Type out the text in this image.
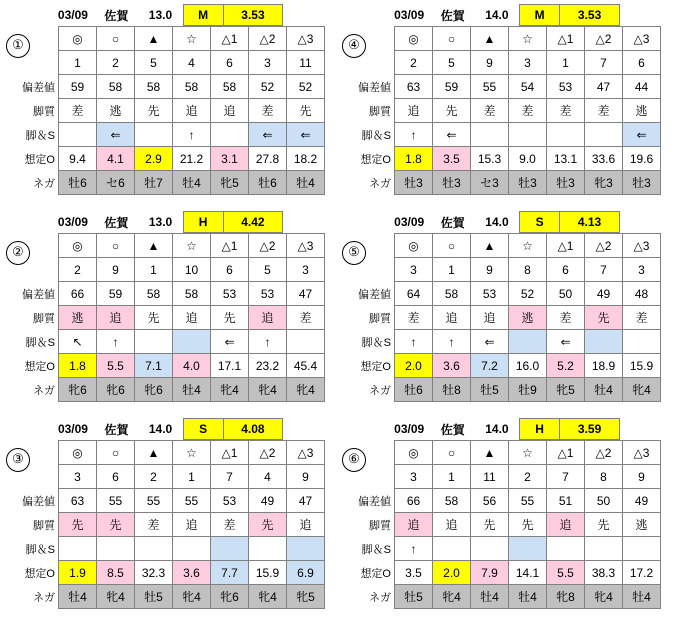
①
	03/09	佐賀	13.0	M	3.53	
	◎	○	▲	☆	△1	△2	△3
	1	2	5	4	6	3	11
偏差値	59	58	58	58	58	52	52
脚質	差	逃	先	追	追	差	先
脚＆S		⇐		↑		⇐	⇐
想定O	9.4	4.1	2.9	21.2	3.1	27.8	18.2
ネガ	牡6	セ6	牡7	牡4	牝5	牡6	牡4
④
	03/09	佐賀	14.0	M	3.53	
	◎	○	▲	☆	△1	△2	△3
	2	5	9	3	1	7	6
偏差値	63	59	55	54	53	47	44
脚質	追	先	差	差	差	差	逃
脚＆S	↑	⇐					⇐
想定O	1.8	3.5	15.3	9.0	13.1	33.6	19.6
ネガ	牡3	牡3	セ3	牡3	牡3	牝3	牡3
②
	03/09	佐賀	13.0	H	4.42	
	◎	○	▲	☆	△1	△2	△3
	2	9	1	10	6	5	3
偏差値	66	59	58	58	53	53	47
脚質	逃	追	先	追	先	追	差
脚＆S	↖	↑			⇐	↑	
想定O	1.8	5.5	7.1	4.0	17.1	23.2	45.4
ネガ	牝6	牝6	牝6	牡4	牝4	牝4	牝4
⑤
	03/09	佐賀	14.0	S	4.13	
	◎	○	▲	☆	△1	△2	△3
	3	1	9	8	6	7	3
偏差値	64	58	53	52	50	49	48
脚質	差	追	追	逃	差	先	差
脚＆S	↑	↑	⇐		⇐		
想定O	2.0	3.6	7.2	16.0	5.2	18.9	15.9
ネガ	牡6	牡8	牡5	牡9	牝5	牡4	牝4
③
	03/09	佐賀	14.0	S	4.08	
	◎	○	▲	☆	△1	△2	△3
	3	6	2	1	7	4	9
偏差値	63	55	55	55	53	49	47
脚質	先	先	差	追	差	先	追
脚＆S							
想定O	1.9	8.5	32.3	3.6	7.7	15.9	6.9
ネガ	牡4	牝4	牡5	牝4	牝6	牝4	牝5
⑥
	03/09	佐賀	14.0	H	3.59	
	◎	○	▲	☆	△1	△2	△3
	3	1	11	2	7	8	9
偏差値	66	58	56	55	51	50	49
脚質	追	追	先	先	追	先	逃
脚＆S	↑						
想定O	3.5	2.0	7.9	14.1	5.5	38.3	17.2
ネガ	牡5	牝4	牡4	牡4	牝8	牝4	牡4
